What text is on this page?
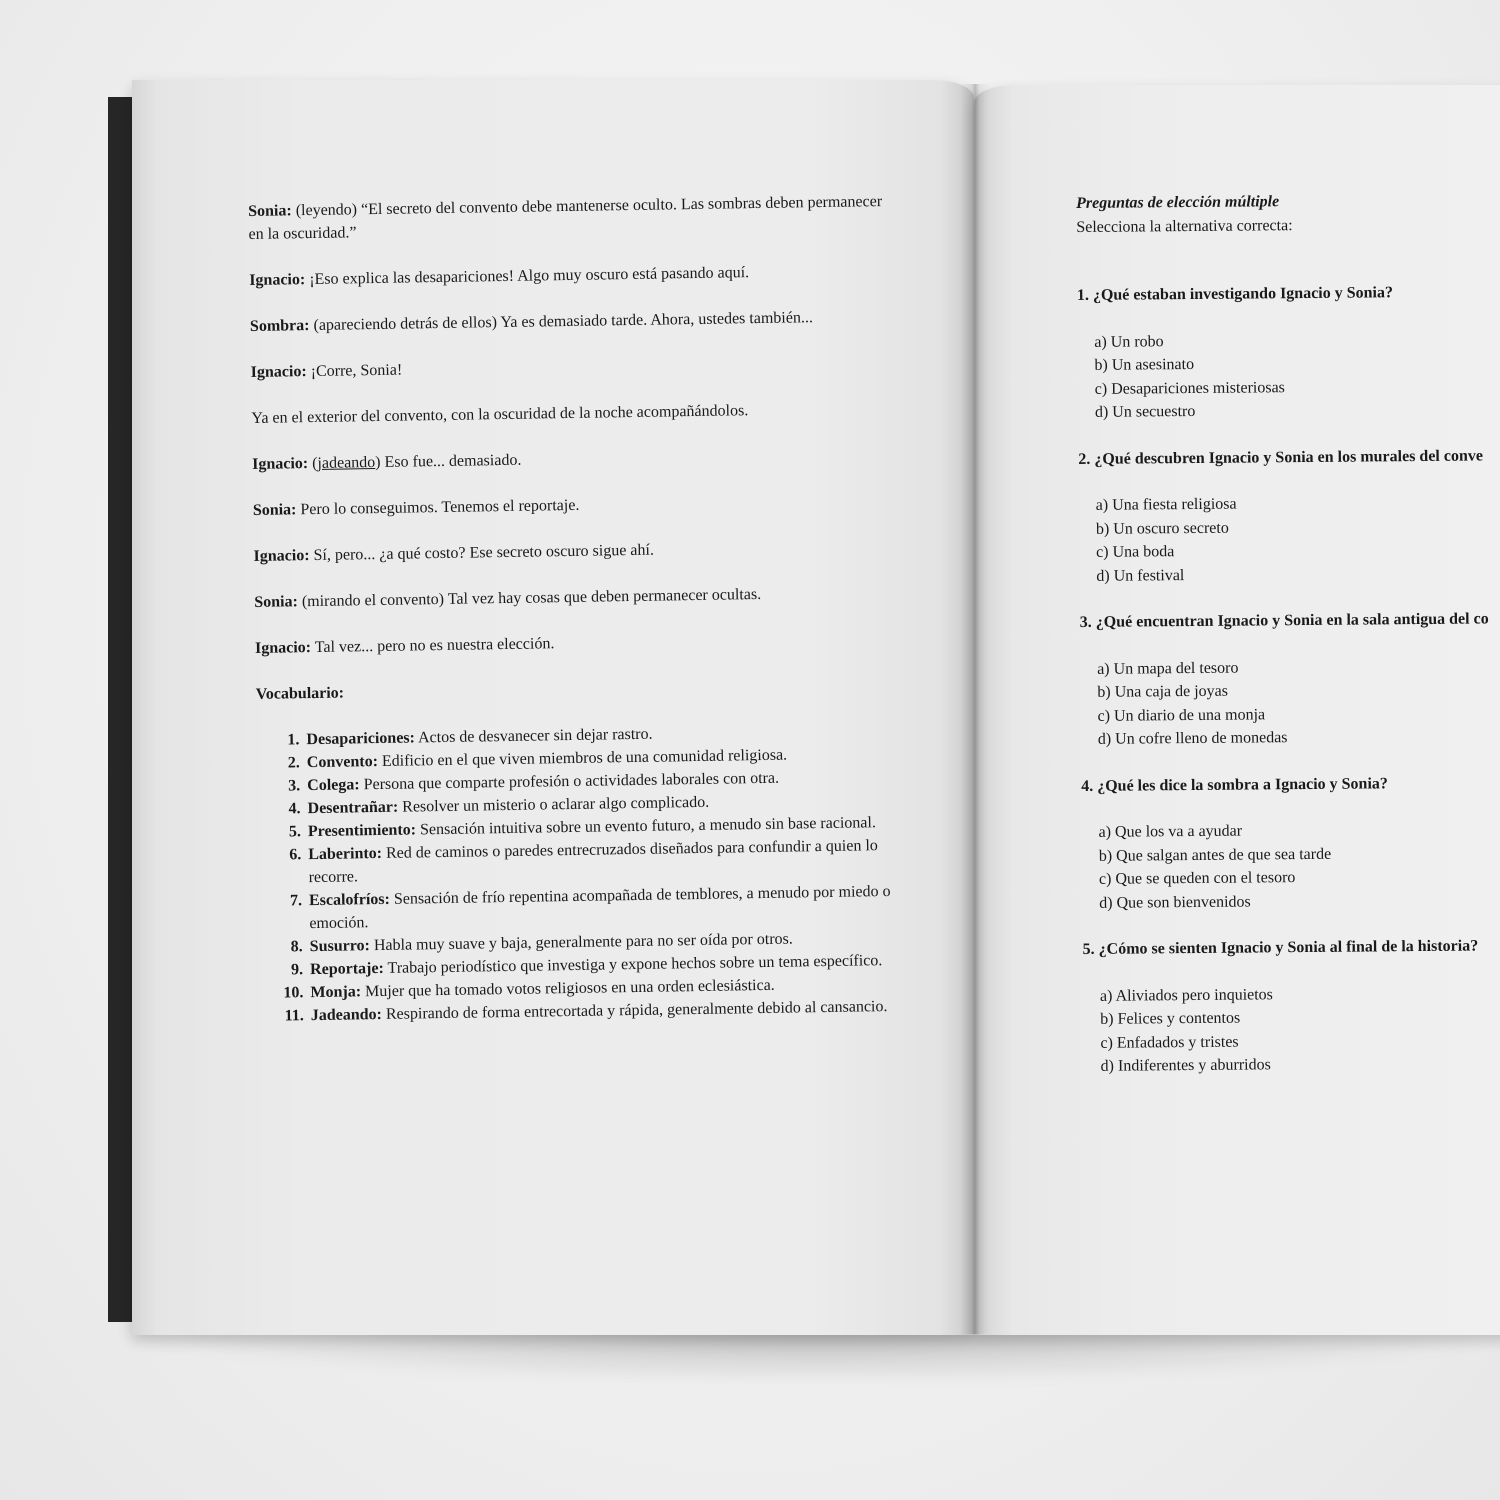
Sonia: (leyendo) “El secreto del convento debe mantenerse oculto. Las sombras deben permanecer en la oscuridad.”
Ignacio: ¡Eso explica las desapariciones! Algo muy oscuro está pasando aquí.
Sombra: (apareciendo detrás de ellos) Ya es demasiado tarde. Ahora, ustedes también...
Ignacio: ¡Corre, Sonia!
Ya en el exterior del convento, con la oscuridad de la noche acompañándolos.
Ignacio: (jadeando) Eso fue... demasiado.
Sonia: Pero lo conseguimos. Tenemos el reportaje.
Ignacio: Sí, pero... ¿a qué costo? Ese secreto oscuro sigue ahí.
Sonia: (mirando el convento) Tal vez hay cosas que deben permanecer ocultas.
Ignacio: Tal vez... pero no es nuestra elección.
Vocabulario:
1. Desapariciones: Actos de desvanecer sin dejar rastro.
2. Convento: Edificio en el que viven miembros de una comunidad religiosa.
3. Colega: Persona que comparte profesión o actividades laborales con otra.
4. Desentrañar: Resolver un misterio o aclarar algo complicado.
5. Presentimiento: Sensación intuitiva sobre un evento futuro, a menudo sin base racional.
6. Laberinto: Red de caminos o paredes entrecruzados diseñados para confundir a quien lo recorre.
7. Escalofríos: Sensación de frío repentina acompañada de temblores, a menudo por miedo o emoción.
8. Susurro: Habla muy suave y baja, generalmente para no ser oída por otros.
9. Reportaje: Trabajo periodístico que investiga y expone hechos sobre un tema específico.
10. Monja: Mujer que ha tomado votos religiosos en una orden eclesiástica.
11. Jadeando: Respirando de forma entrecortada y rápida, generalmente debido al cansancio.
Preguntas de elección múltiple
Selecciona la alternativa correcta:
1. ¿Qué estaban investigando Ignacio y Sonia?
a) Un robo
b) Un asesinato
c) Desapariciones misteriosas
d) Un secuestro
2. ¿Qué descubren Ignacio y Sonia en los murales del conve
a) Una fiesta religiosa
b) Un oscuro secreto
c) Una boda
d) Un festival
3. ¿Qué encuentran Ignacio y Sonia en la sala antigua del co
a) Un mapa del tesoro
b) Una caja de joyas
c) Un diario de una monja
d) Un cofre lleno de monedas
4. ¿Qué les dice la sombra a Ignacio y Sonia?
a) Que los va a ayudar
b) Que salgan antes de que sea tarde
c) Que se queden con el tesoro
d) Que son bienvenidos
5. ¿Cómo se sienten Ignacio y Sonia al final de la historia?
a) Aliviados pero inquietos
b) Felices y contentos
c) Enfadados y tristes
d) Indiferentes y aburridos
